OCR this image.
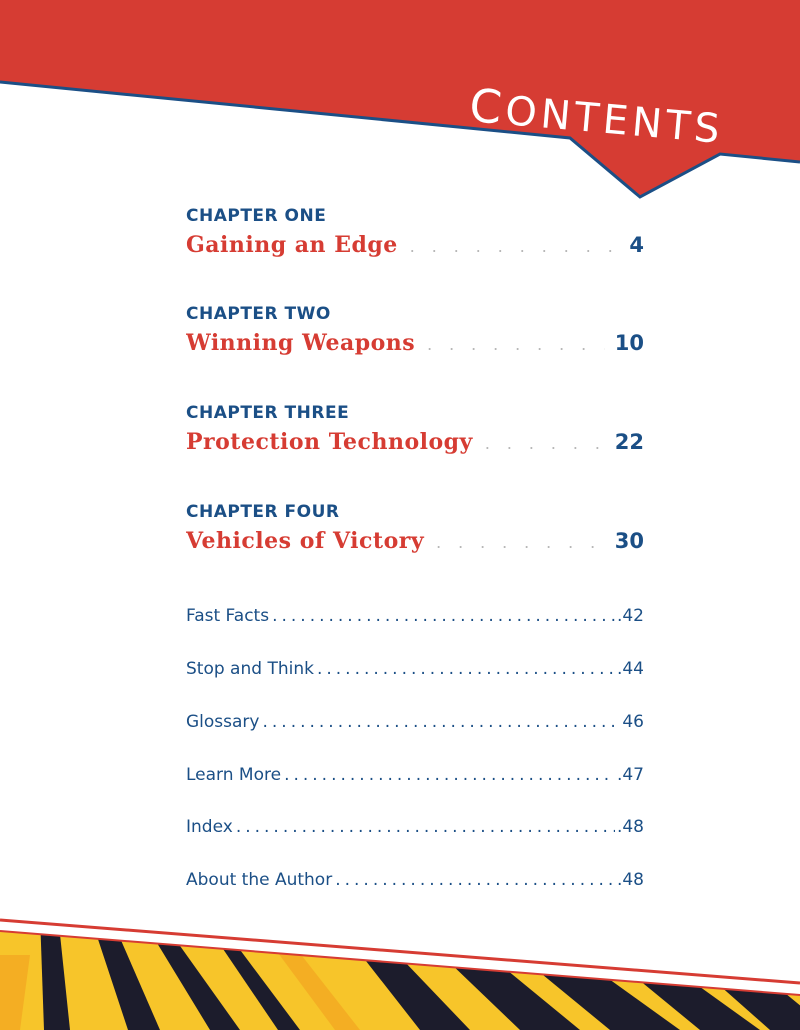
CONTENTS
CHAPTER ONE
Gaining an Edge . . .	4
CHAPTER TWO
Winning Weapons . . .	10
CHAPTER THREE
Protection Technology . . .	22
CHAPTER FOUR
Vehicles of Victory . . .	30
Fast Facts .....	.42
Stop and Think .....	.44
Glossary .....	46
Learn More .....	.47
Index .....	.48
About the Author .....	.48
